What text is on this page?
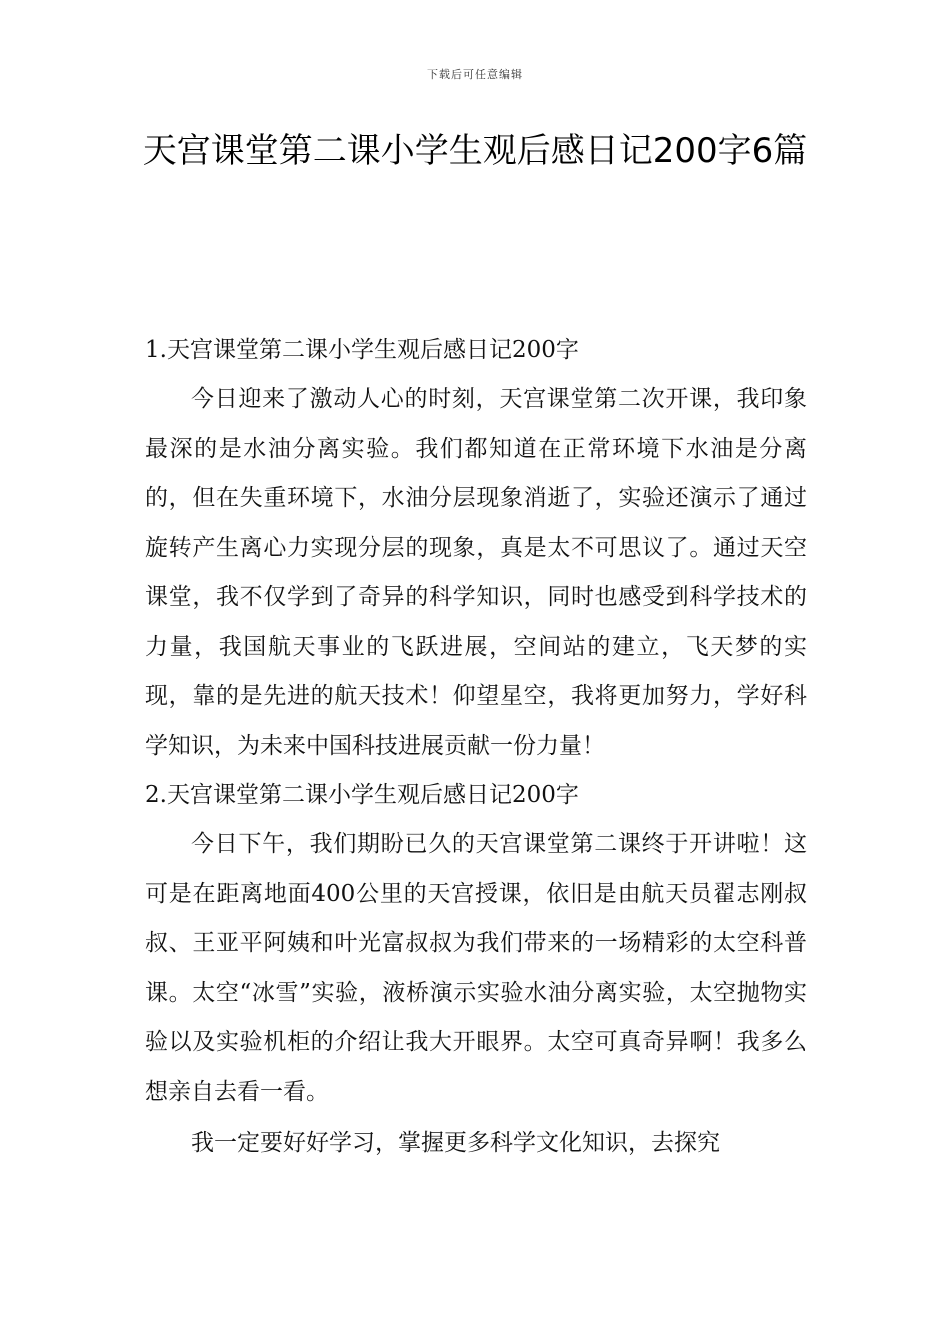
下载后可任意编辑
天宫课堂第二课小学生观后感日记200字6篇

1.天宫课堂第二课小学生观后感日记200字

今日迎来了激动人心的时刻，天宫课堂第二次开课，我印象最深的是水油分离实验。我们都知道在正常环境下水油是分离的，但在失重环境下，水油分层现象消逝了，实验还演示了通过旋转产生离心力实现分层的现象，真是太不可思议了。通过天空课堂，我不仅学到了奇异的科学知识，同时也感受到科学技术的力量，我国航天事业的飞跃进展，空间站的建立，飞天梦的实现，靠的是先进的航天技术！仰望星空，我将更加努力，学好科学知识，为未来中国科技进展贡献一份力量！

2.天宫课堂第二课小学生观后感日记200字

今日下午，我们期盼已久的天宫课堂第二课终于开讲啦！这可是在距离地面400公里的天宫授课，依旧是由航天员翟志刚叔叔、王亚平阿姨和叶光富叔叔为我们带来的一场精彩的太空科普课。太空“冰雪”实验，液桥演示实验水油分离实验，太空抛物实验以及实验机柜的介绍让我大开眼界。太空可真奇异啊！我多么想亲自去看一看。

我一定要好好学习，掌握更多科学文化知识，去探究
